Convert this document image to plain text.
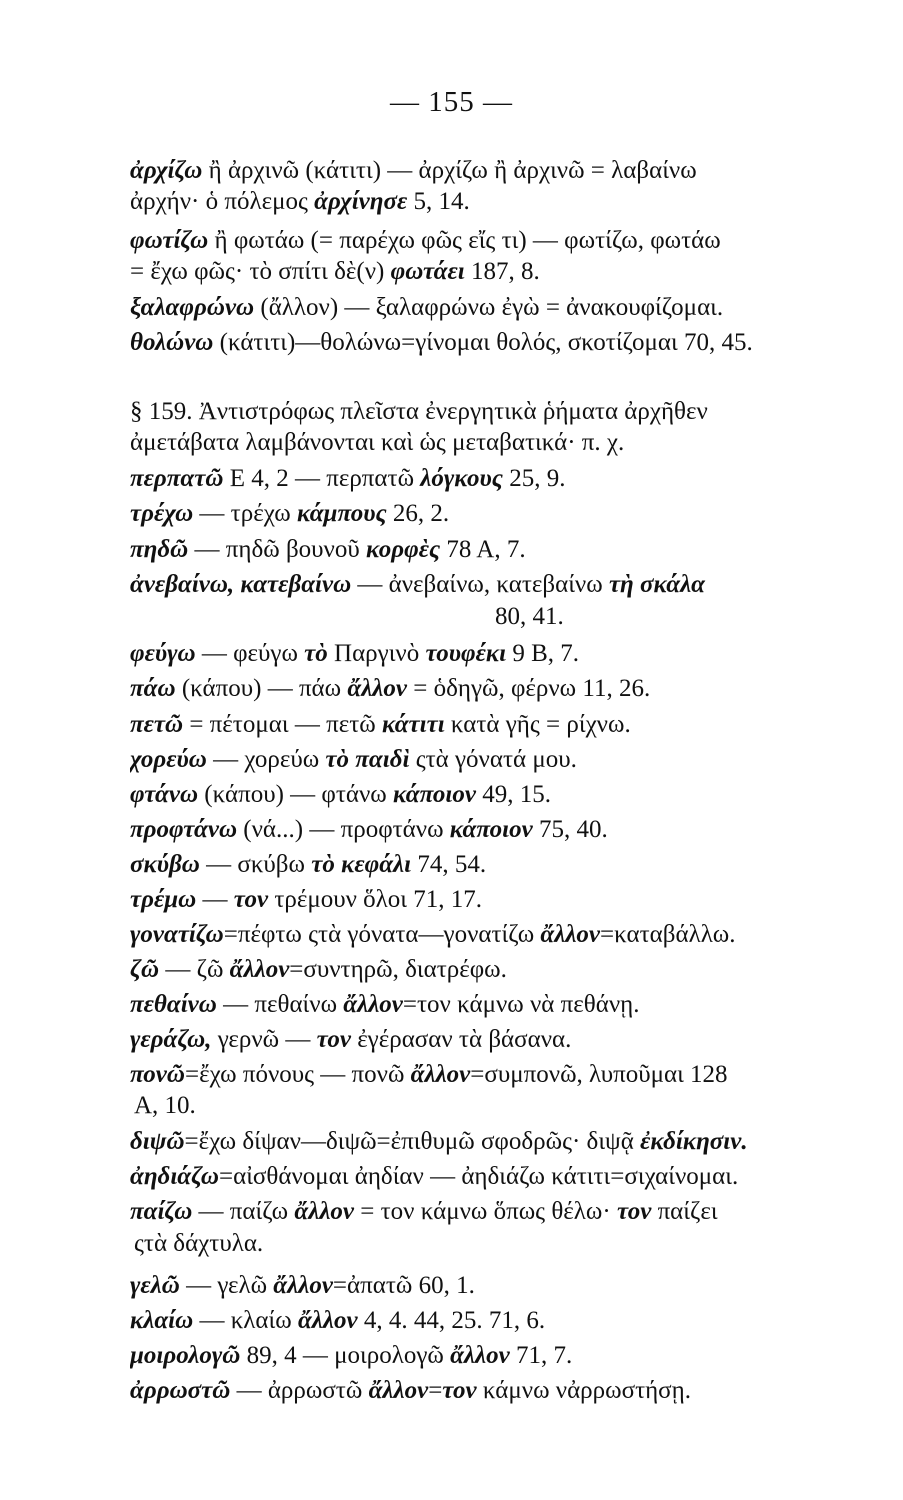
— 155 —
ἀρχίζω ἢ ἀρχινῶ (κάτιτι) — ἀρχίζω ἢ ἀρχινῶ = λαβαίνω
ἀρχήν· ὁ πόλεμος ἀρχίνησε 5, 14.
φωτίζω ἢ φωτάω (= παρέχω φῶς εἴς τι) — φωτίζω, φωτάω
= ἔχω φῶς· τὸ σπίτι δὲ(ν) φωτάει 187, 8.
ξαλαφρώνω (ἄλλον) — ξαλαφρώνω ἐγὼ = ἀνακουφίζομαι.
θολώνω (κάτιτι)—θολώνω=γίνομαι θολός, σκοτίζομαι 70, 45.
§ 159. Ἀντιστρόφως πλεῖστα ἐνεργητικὰ ῥήματα ἀρχῆθεν
ἀμετάβατα λαμβάνονται καὶ ὡς μεταβατικά· π. χ.
περπατῶ Ε 4, 2 — περπατῶ λόγκους 25, 9.
τρέχω — τρέχω κάμπους 26, 2.
πηδῶ — πηδῶ βουνοῦ κορφὲς 78 Α, 7.
ἀνεβαίνω, κατεβαίνω — ἀνεβαίνω, κατεβαίνω τὴ σκάλα
80, 41.
φεύγω — φεύγω τὸ Παργινὸ τουφέκι 9 Β, 7.
πάω (κάπου) — πάω ἄλλον = ὁδηγῶ, φέρνω 11, 26.
πετῶ = πέτομαι — πετῶ κάτιτι κατὰ γῆς = ρίχνω.
χορεύω — χορεύω τὸ παιδὶ ςτὰ γόνατά μου.
φτάνω (κάπου) — φτάνω κάποιον 49, 15.
προφτάνω (νά...) — προφτάνω κάποιον 75, 40.
σκύβω — σκύβω τὸ κεφάλι 74, 54.
τρέμω — τον τρέμουν ὅλοι 71, 17.
γονατίζω=πέφτω ςτὰ γόνατα—γονατίζω ἄλλον=καταβάλλω.
ζῶ — ζῶ ἄλλον=συντηρῶ, διατρέφω.
πεθαίνω — πεθαίνω ἄλλον=τον κάμνω νὰ πεθάνῃ.
γεράζω, γερνῶ — τον ἐγέρασαν τὰ βάσανα.
πονῶ=ἔχω πόνους — πονῶ ἄλλον=συμπονῶ, λυποῦμαι 128
Α, 10.
διψῶ=ἔχω δίψαν—διψῶ=ἐπιθυμῶ σφοδρῶς· διψᾷ ἐκδίκησιν.
ἀηδιάζω=αἰσθάνομαι ἀηδίαν — ἀηδιάζω κάτιτι=σιχαίνομαι.
παίζω — παίζω ἄλλον = τον κάμνω ὅπως θέλω· τον παίζει
ςτὰ δάχτυλα.
γελῶ — γελῶ ἄλλον=ἀπατῶ 60, 1.
κλαίω — κλαίω ἄλλον 4, 4. 44, 25. 71, 6.
μοιρολογῶ 89, 4 — μοιρολογῶ ἄλλον 71, 7.
ἀρρωστῶ — ἀρρωστῶ ἄλλον=τον κάμνω νἀρρωστήσῃ.
